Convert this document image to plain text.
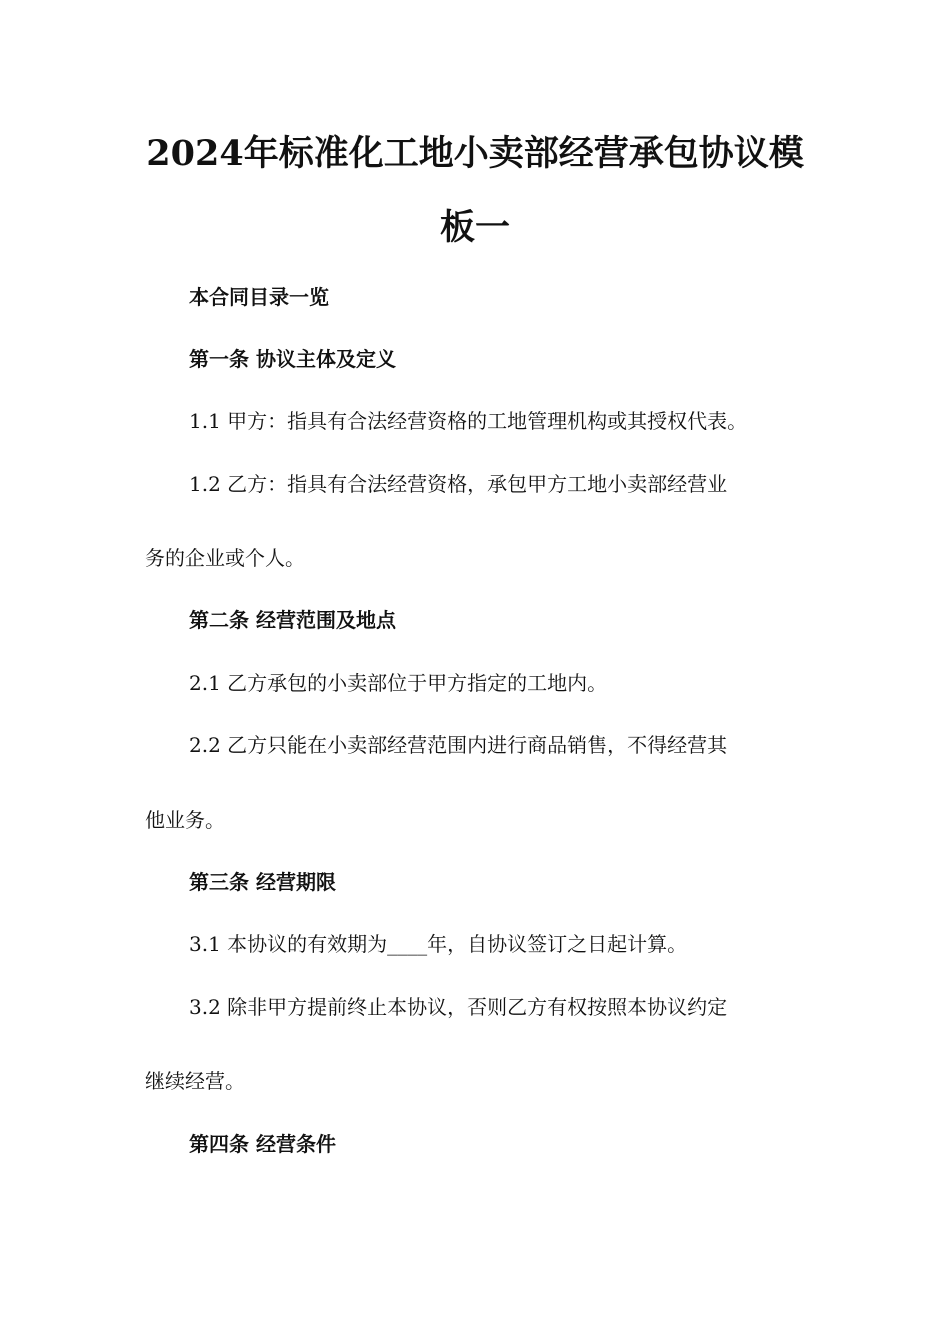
2024年标准化工地小卖部经营承包协议模
板一

本合同目录一览

第一条 协议主体及定义

1.1 甲方：指具有合法经营资格的工地管理机构或其授权代表。

1.2 乙方：指具有合法经营资格，承包甲方工地小卖部经营业

务的企业或个人。

第二条 经营范围及地点

2.1 乙方承包的小卖部位于甲方指定的工地内。

2.2 乙方只能在小卖部经营范围内进行商品销售，不得经营其

他业务。

第三条 经营期限

3.1 本协议的有效期为____年，自协议签订之日起计算。

3.2 除非甲方提前终止本协议，否则乙方有权按照本协议约定

继续经营。

第四条 经营条件
